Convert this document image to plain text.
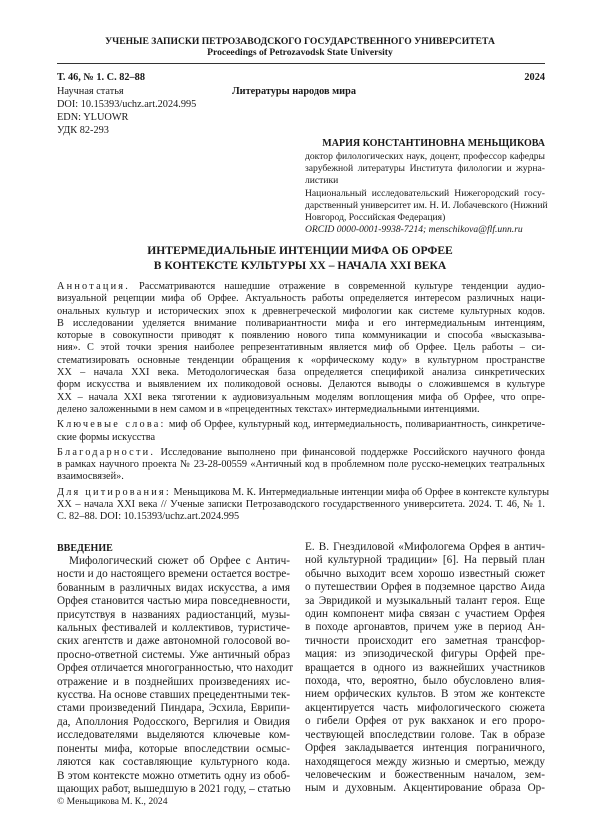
УЧЕНЫЕ ЗАПИСКИ ПЕТРОЗАВОДСКОГО ГОСУДАРСТВЕННОГО УНИВЕРСИТЕТА
Proceedings of Petrozavodsk State University
Т. 46, № 1. С. 82–88	2024
Научная статья	Литературы народов мира
DOI: 10.15393/uchz.art.2024.995
EDN: YLUOWR
УДК 82-293
МАРИЯ КОНСТАНТИНОВНА МЕНЬЩИКОВА
доктор филологических наук, доцент, профессор кафедры
зарубежной литературы Института филологии и журна-
листики
Национальный исследовательский Нижегородский госу-
дарственный университет им. Н. И. Лобачевского (Нижний
Новгород, Российская Федерация)
ORCID 0000-0001-9938-7214; menschikova@flf.unn.ru
ИНТЕРМЕДИАЛЬНЫЕ ИНТЕНЦИИ МИФА ОБ ОРФЕЕ
В КОНТЕКСТЕ КУЛЬТУРЫ XX – НАЧАЛА XXI ВЕКА
Аннотация. Рассматриваются нашедшие отражение в современной культуре тенденции аудио-
визуальной рецепции мифа об Орфее. Актуальность работы определяется интересом различных наци-
ональных культур и исторических эпох к древнегреческой мифологии как системе культурных кодов.
В исследовании уделяется внимание поливариантности мифа и его интермедиальным интенциям,
которые в совокупности приводят к появлению нового типа коммуникации и способа «высказыва-
ния». С этой точки зрения наиболее репрезентативным является миф об Орфее. Цель работы – си-
стематизировать основные тенденции обращения к «орфическому коду» в культурном пространстве
XX – начала XXI века. Методологическая база определяется спецификой анализа синкретических
форм искусства и выявлением их поликодовой основы. Делаются выводы о сложившемся в культуре
XX – начала XXI века тяготении к аудиовизуальным моделям воплощения мифа об Орфее, что опре-
делено заложенными в нем самом и в «прецедентных текстах» интермедиальными интенциями.
Ключевые слова: миф об Орфее, культурный код, интермедиальность, поливариантность, синкретиче-
ские формы искусства
Благодарности. Исследование выполнено при финансовой поддержке Российского научного фонда
в рамках научного проекта № 23-28-00559 «Античный код в проблемном поле русско-немецких театральных
взаимосвязей».
Для цитирования: Меньщикова М. К. Интермедиальные интенции мифа об Орфее в контексте культуры
XX – начала XXI века // Ученые записки Петрозаводского государственного университета. 2024. Т. 46, № 1.
С. 82–88. DOI: 10.15393/uchz.art.2024.995
ВВЕДЕНИЕ
Мифологический сюжет об Орфее с Антич-
ности и до настоящего времени остается востре-
бованным в различных видах искусства, а имя
Орфея становится частью мира повседневности,
присутствуя в названиях радиостанций, музы-
кальных фестивалей и коллективов, туристиче-
ских агентств и даже автономной голосовой во-
просно-ответной системы. Уже античный образ
Орфея отличается многогранностью, что находит
отражение и в позднейших произведениях ис-
кусства. На основе ставших прецедентными тек-
стами произведений Пиндара, Эсхила, Еврипи-
да, Аполлония Родосского, Вергилия и Овидия
исследователями выделяются ключевые ком-
поненты мифа, которые впоследствии осмыс-
ляются как составляющие культурного кода.
В этом контексте можно отметить одну из обоб-
щающих работ, вышедшую в 2021 году, – статью
Е. В. Гнездиловой «Мифологема Орфея в антич-
ной культурной традиции» [6]. На первый план
обычно выходит всем хорошо известный сюжет
о путешествии Орфея в подземное царство Аида
за Эвридикой и музыкальный талант героя. Еще
один компонент мифа связан с участием Орфея
в походе аргонавтов, причем уже в период Ан-
тичности происходит его заметная трансфор-
мация: из эпизодической фигуры Орфей пре-
вращается в одного из важнейших участников
похода, что, вероятно, было обусловлено влия-
нием орфических культов. В этом же контексте
акцентируется часть мифологического сюжета
о гибели Орфея от рук вакханок и его проро-
чествующей впоследствии голове. Так в образе
Орфея закладывается интенция пограничного,
находящегося между жизнью и смертью, между
человеческим и божественным началом, зем-
ным и духовным. Акцентирование образа Ор-
© Меньщикова М. К., 2024
